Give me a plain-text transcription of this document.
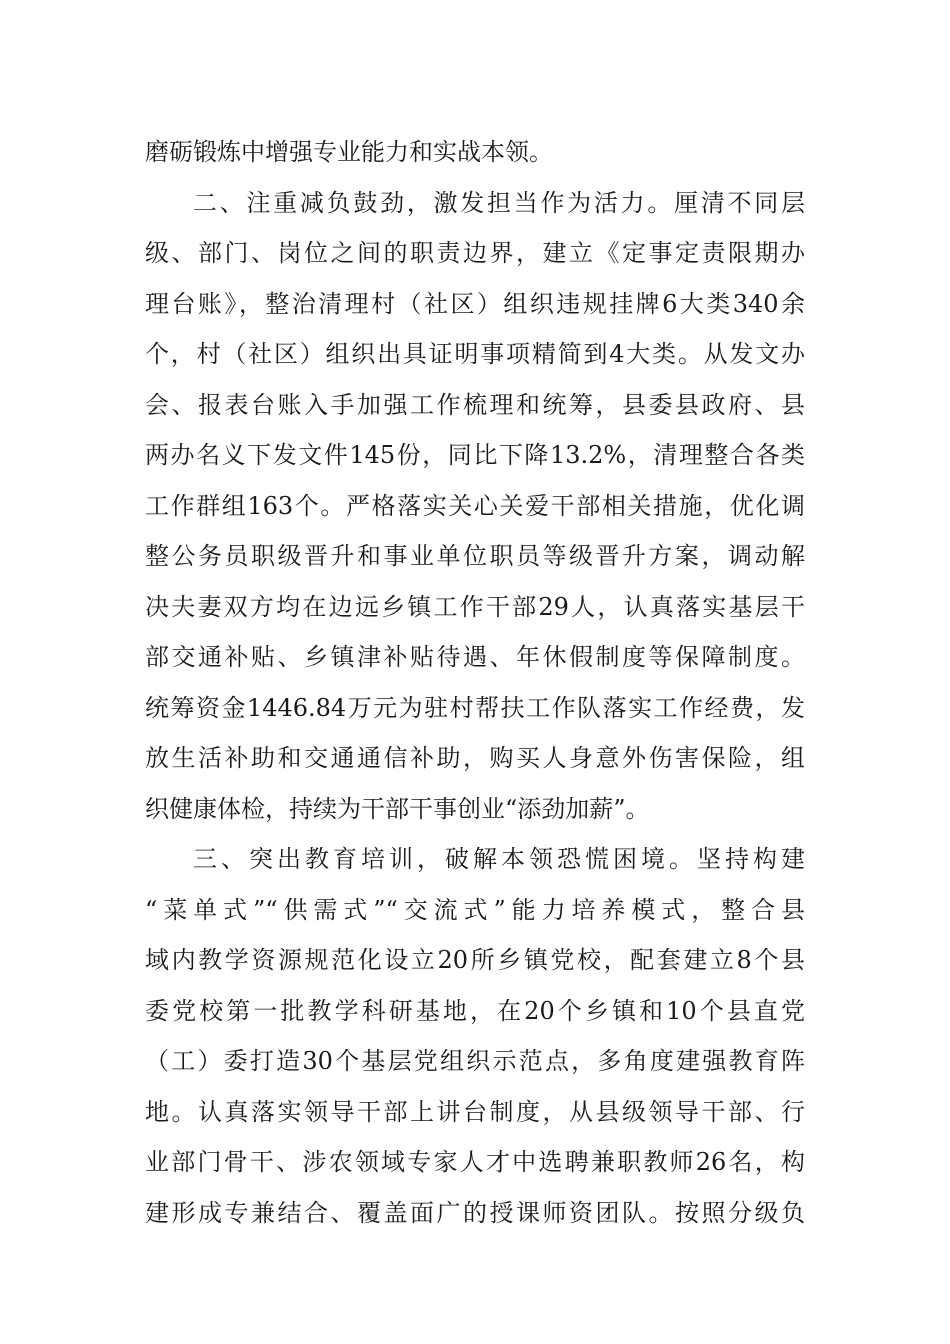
磨砺锻炼中增强专业能力和实战本领。
二、注重减负鼓劲，激发担当作为活力。厘清不同层
级、部门、岗位之间的职责边界，建立《定事定责限期办
理台账》，整治清理村（社区）组织违规挂牌6大类340余
个，村（社区）组织出具证明事项精简到4大类。从发文办
会、报表台账入手加强工作梳理和统筹，县委县政府、县
两办名义下发文件145份，同比下降13.2%，清理整合各类
工作群组163个。严格落实关心关爱干部相关措施，优化调
整公务员职级晋升和事业单位职员等级晋升方案，调动解
决夫妻双方均在边远乡镇工作干部29人，认真落实基层干
部交通补贴、乡镇津补贴待遇、年休假制度等保障制度。
统筹资金1446.84万元为驻村帮扶工作队落实工作经费，发
放生活补助和交通通信补助，购买人身意外伤害保险，组
织健康体检，持续为干部干事创业“添劲加薪”。
三、突出教育培训，破解本领恐慌困境。坚持构建
“菜单式”“供需式”“交流式”能力培养模式，整合县
域内教学资源规范化设立20所乡镇党校，配套建立8个县
委党校第一批教学科研基地，在20个乡镇和10个县直党
（工）委打造30个基层党组织示范点，多角度建强教育阵
地。认真落实领导干部上讲台制度，从县级领导干部、行
业部门骨干、涉农领域专家人才中选聘兼职教师26名，构
建形成专兼结合、覆盖面广的授课师资团队。按照分级负
